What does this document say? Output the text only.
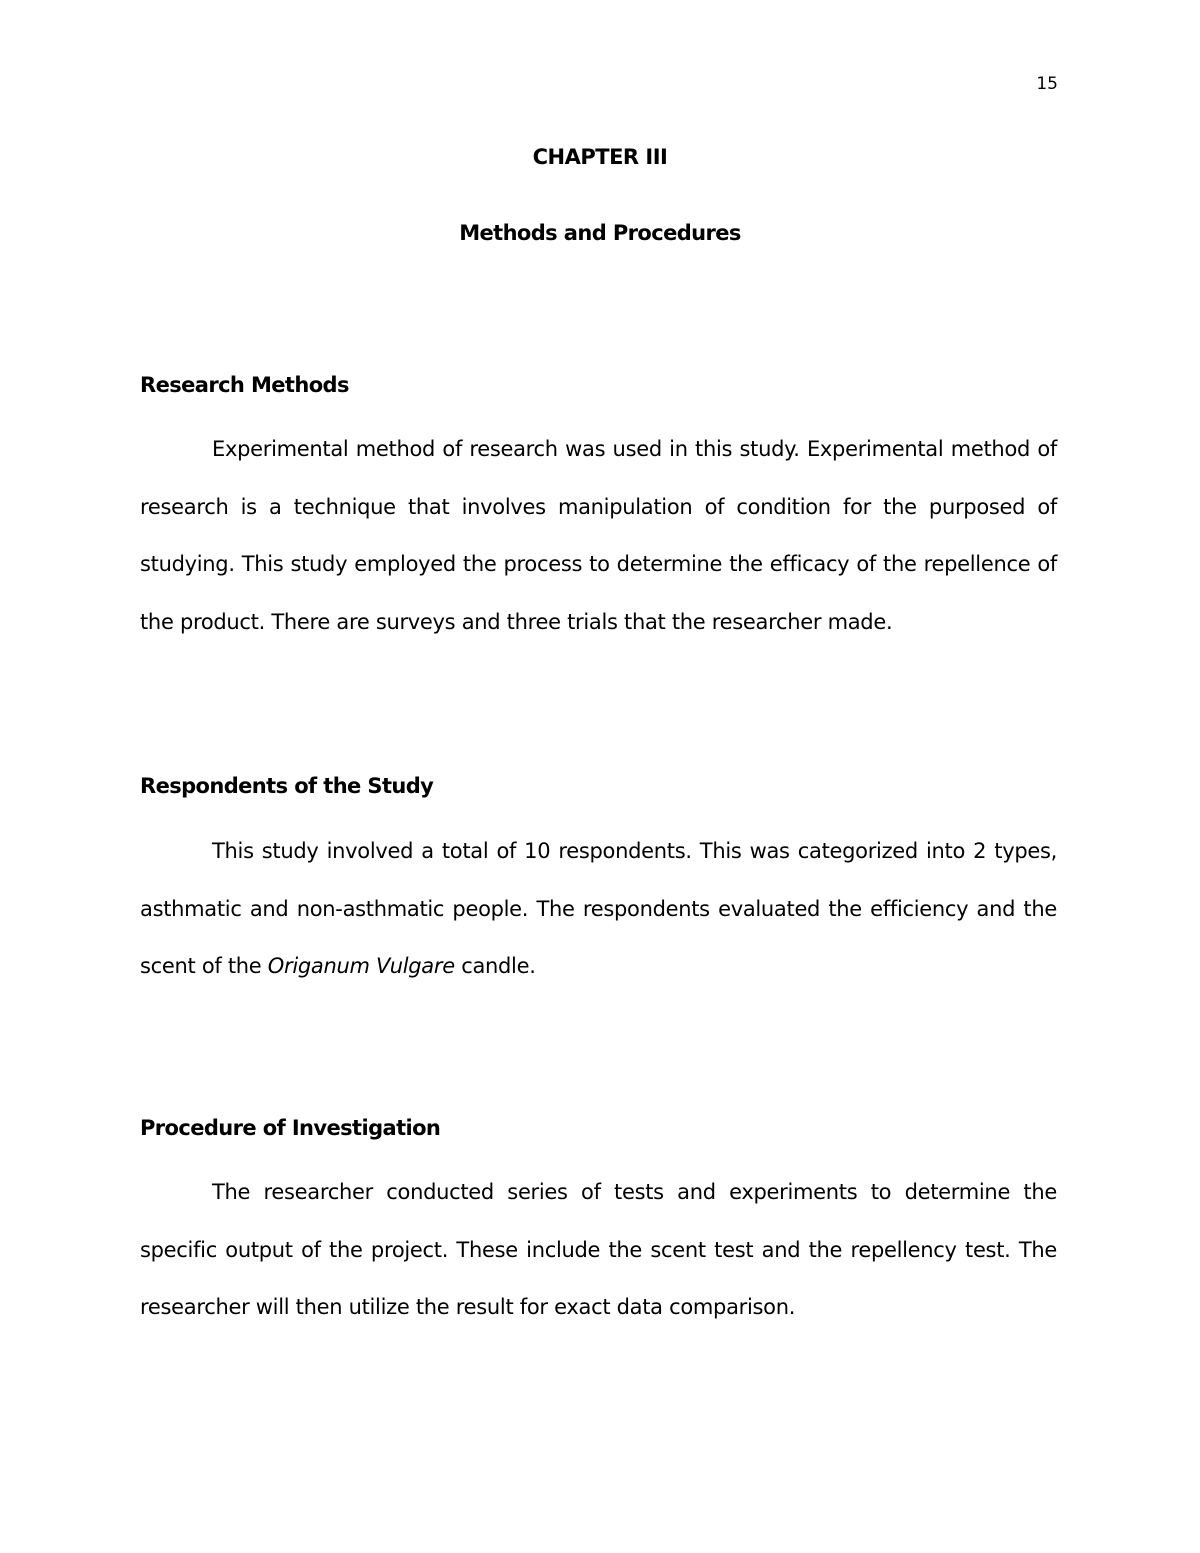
15
CHAPTER III
Methods and Procedures
Research Methods

Experimental method of research was used in this study. Experimental method of research is a technique that involves manipulation of condition for the purposed of studying. This study employed the process to determine the efficacy of the repellence of the product. There are surveys and three trials that the researcher made.

Respondents of the Study

This study involved a total of 10 respondents. This was categorized into 2 types, asthmatic and non-asthmatic people. The respondents evaluated the efficiency and the scent of the Origanum Vulgare candle.

Procedure of Investigation

The researcher conducted series of tests and experiments to determine the specific output of the project. These include the scent test and the repellency test. The researcher will then utilize the result for exact data comparison.
